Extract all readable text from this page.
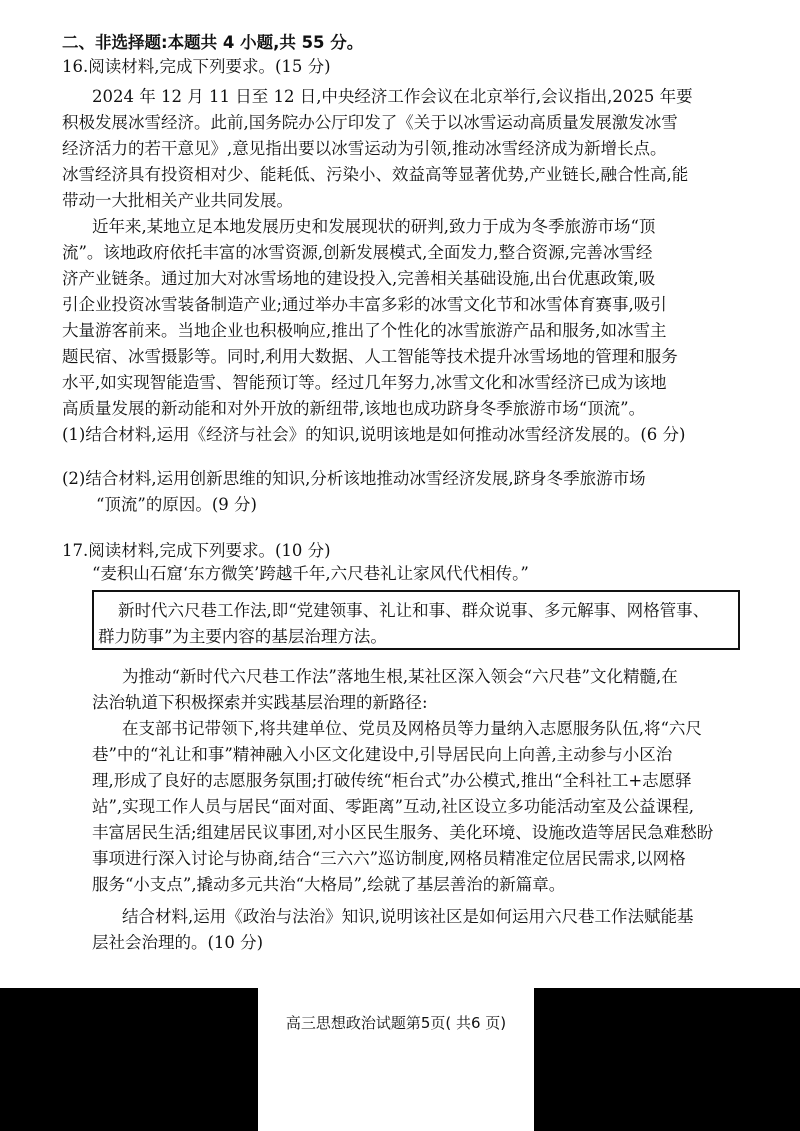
二、非选择题:本题共 4 小题,共 55 分。
16.阅读材料,完成下列要求。(15 分)
2024 年 12 月 11 日至 12 日,中央经济工作会议在北京举行,会议指出,2025 年要
积极发展冰雪经济。此前,国务院办公厅印发了《关于以冰雪运动高质量发展激发冰雪
经济活力的若干意见》,意见指出要以冰雪运动为引领,推动冰雪经济成为新增长点。
冰雪经济具有投资相对少、能耗低、污染小、效益高等显著优势,产业链长,融合性高,能
带动一大批相关产业共同发展。
近年来,某地立足本地发展历史和发展现状的研判,致力于成为冬季旅游市场“顶
流”。该地政府依托丰富的冰雪资源,创新发展模式,全面发力,整合资源,完善冰雪经
济产业链条。通过加大对冰雪场地的建设投入,完善相关基础设施,出台优惠政策,吸
引企业投资冰雪装备制造产业;通过举办丰富多彩的冰雪文化节和冰雪体育赛事,吸引
大量游客前来。当地企业也积极响应,推出了个性化的冰雪旅游产品和服务,如冰雪主
题民宿、冰雪摄影等。同时,利用大数据、人工智能等技术提升冰雪场地的管理和服务
水平,如实现智能造雪、智能预订等。经过几年努力,冰雪文化和冰雪经济已成为该地
高质量发展的新动能和对外开放的新纽带,该地也成功跻身冬季旅游市场“顶流”。
(1)结合材料,运用《经济与社会》的知识,说明该地是如何推动冰雪经济发展的。(6 分)
(2)结合材料,运用创新思维的知识,分析该地推动冰雪经济发展,跻身冬季旅游市场
“顶流”的原因。(9 分)
17.阅读材料,完成下列要求。(10 分)
“麦积山石窟‘东方微笑’跨越千年,六尺巷礼让家风代代相传。”
新时代六尺巷工作法,即“党建领事、礼让和事、群众说事、多元解事、网格管事、
群力防事”为主要内容的基层治理方法。
为推动“新时代六尺巷工作法”落地生根,某社区深入领会“六尺巷”文化精髓,在
法治轨道下积极探索并实践基层治理的新路径:
在支部书记带领下,将共建单位、党员及网格员等力量纳入志愿服务队伍,将“六尺
巷”中的“礼让和事”精神融入小区文化建设中,引导居民向上向善,主动参与小区治
理,形成了良好的志愿服务氛围;打破传统“柜台式”办公模式,推出“全科社工+志愿驿
站”,实现工作人员与居民“面对面、零距离”互动,社区设立多功能活动室及公益课程,
丰富居民生活;组建居民议事团,对小区民生服务、美化环境、设施改造等居民急难愁盼
事项进行深入讨论与协商,结合“三六六”巡访制度,网格员精准定位居民需求,以网格
服务“小支点”,撬动多元共治“大格局”,绘就了基层善治的新篇章。
结合材料,运用《政治与法治》知识,说明该社区是如何运用六尺巷工作法赋能基
层社会治理的。(10 分)
高三思想政治试题第5页( 共6 页)
